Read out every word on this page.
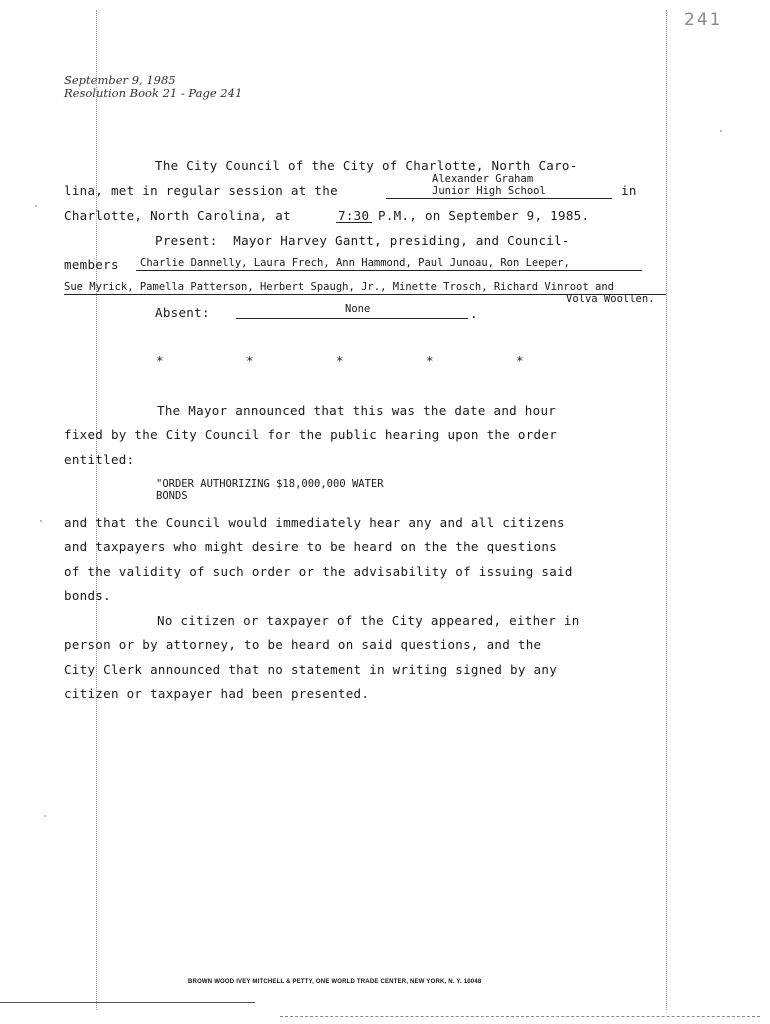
241
September 9, 1985
Resolution Book 21 - Page 241
The City Council of the City of Charlotte, North Caro-
Alexander Graham
lina, met in regular session at the	Junior High School	in
Charlotte, North Carolina, at	7:30 P.M., on September 9, 1985.
Present:  Mayor Harvey Gantt, presiding, and Council-
members Charlie Dannelly, Laura Frech, Ann Hammond, Paul Junoau, Ron Leeper,
Sue Myrick, Pamella Patterson, Herbert Spaugh, Jr., Minette Trosch, Richard Vinroot and
Volva Woollen.
Absent:	None	.
*	*	*	*	*
The Mayor announced that this was the date and hour
fixed by the City Council for the public hearing upon the order
entitled:
"ORDER AUTHORIZING $18,000,000 WATER
BONDS
and that the Council would immediately hear any and all citizens
and taxpayers who might desire to be heard on the the questions
of the validity of such order or the advisability of issuing said
bonds.
No citizen or taxpayer of the City appeared, either in
person or by attorney, to be heard on said questions, and the
City Clerk announced that no statement in writing signed by any
citizen or taxpayer had been presented.
BROWN WOOD IVEY MITCHELL & PETTY, ONE WORLD TRADE CENTER, NEW YORK, N. Y. 10048
